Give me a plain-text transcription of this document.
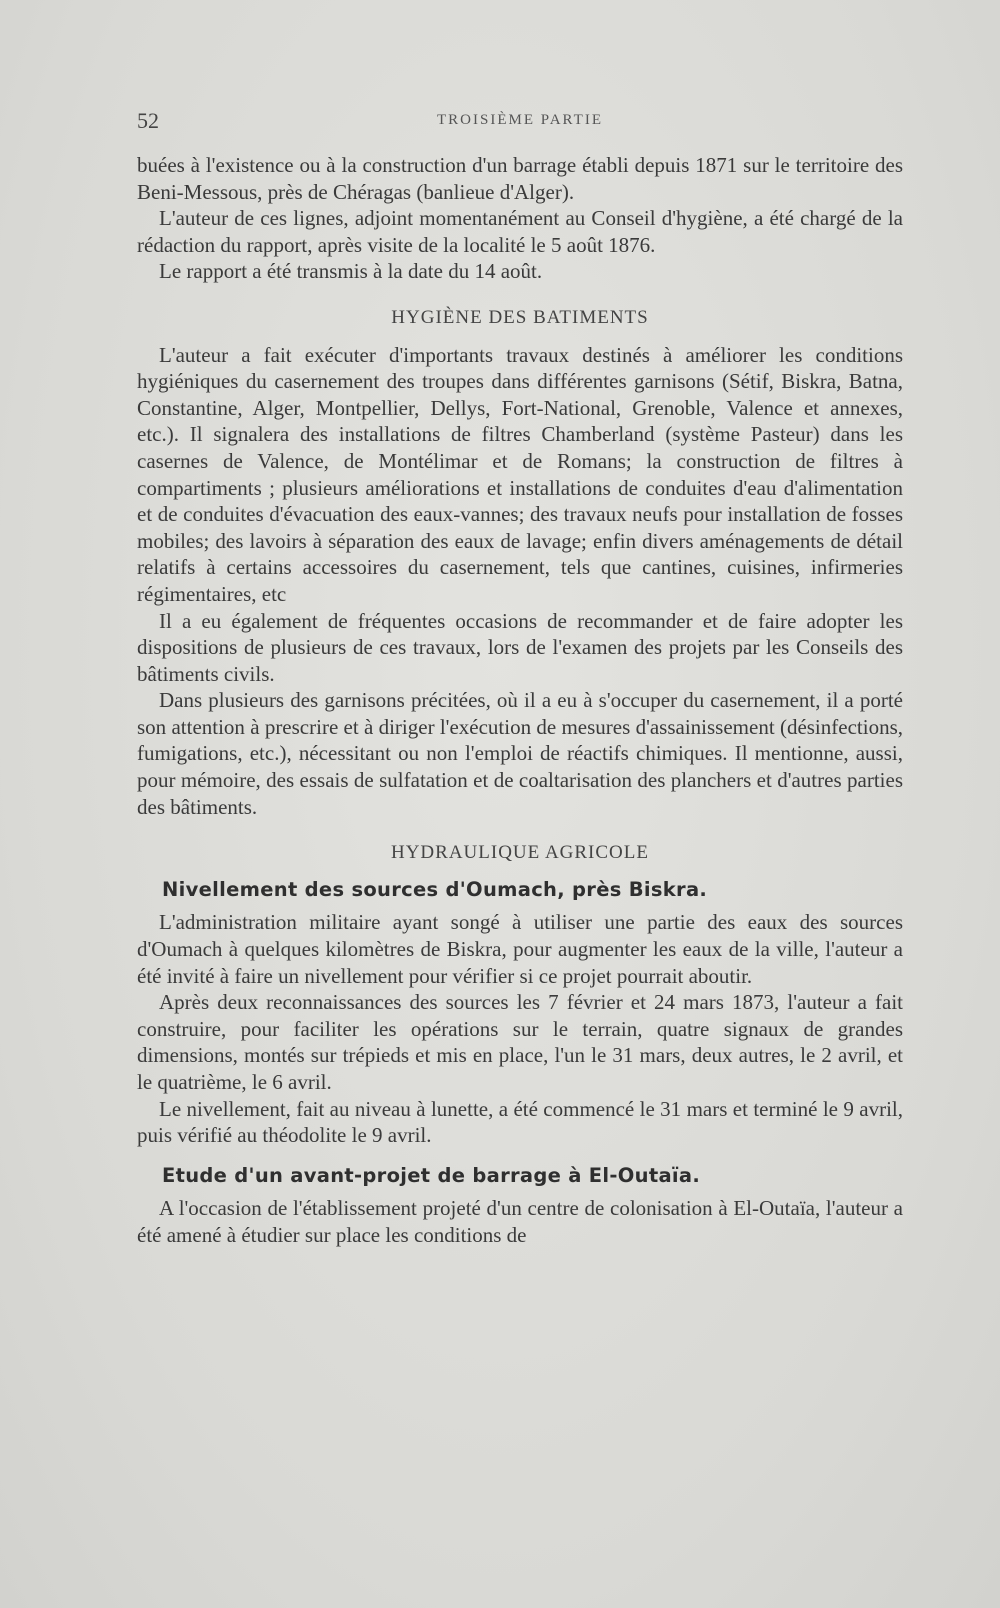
52	TROISIÈME PARTIE

buées à l'existence ou à la construction d'un barrage établi depuis 1871 sur le territoire des Beni-Messous, près de Chéragas (banlieue d'Alger).

L'auteur de ces lignes, adjoint momentanément au Conseil d'hygiène, a été chargé de la rédaction du rapport, après visite de la localité le 5 août 1876.

Le rapport a été transmis à la date du 14 août.

HYGIÈNE DES BATIMENTS

L'auteur a fait exécuter d'importants travaux destinés à améliorer les conditions hygiéniques du casernement des troupes dans différentes garnisons (Sétif, Biskra, Batna, Constantine, Alger, Montpellier, Dellys, Fort-National, Grenoble, Valence et annexes, etc.). Il signalera des installations de filtres Chamberland (système Pasteur) dans les casernes de Valence, de Montélimar et de Romans; la construction de filtres à compartiments ; plusieurs améliorations et installations de conduites d'eau d'alimentation et de conduites d'évacuation des eaux-vannes; des travaux neufs pour installation de fosses mobiles; des lavoirs à séparation des eaux de lavage; enfin divers aménagements de détail relatifs à certains accessoires du casernement, tels que cantines, cuisines, infirmeries régimentaires, etc

Il a eu également de fréquentes occasions de recommander et de faire adopter les dispositions de plusieurs de ces travaux, lors de l'examen des projets par les Conseils des bâtiments civils.

Dans plusieurs des garnisons précitées, où il a eu à s'occuper du casernement, il a porté son attention à prescrire et à diriger l'exécution de mesures d'assainissement (désinfections, fumigations, etc.), nécessitant ou non l'emploi de réactifs chimiques. Il mentionne, aussi, pour mémoire, des essais de sulfatation et de coaltarisation des planchers et d'autres parties des bâtiments.

HYDRAULIQUE AGRICOLE
Nivellement des sources d'Oumach, près Biskra.

L'administration militaire ayant songé à utiliser une partie des eaux des sources d'Oumach à quelques kilomètres de Biskra, pour augmenter les eaux de la ville, l'auteur a été invité à faire un nivellement pour vérifier si ce projet pourrait aboutir.

Après deux reconnaissances des sources les 7 février et 24 mars 1873, l'auteur a fait construire, pour faciliter les opérations sur le terrain, quatre signaux de grandes dimensions, montés sur trépieds et mis en place, l'un le 31 mars, deux autres, le 2 avril, et le quatrième, le 6 avril.

Le nivellement, fait au niveau à lunette, a été commencé le 31 mars et terminé le 9 avril, puis vérifié au théodolite le 9 avril.

Etude d'un avant-projet de barrage à El-Outaïa.

A l'occasion de l'établissement projeté d'un centre de colonisation à El-Outaïa, l'auteur a été amené à étudier sur place les conditions de
